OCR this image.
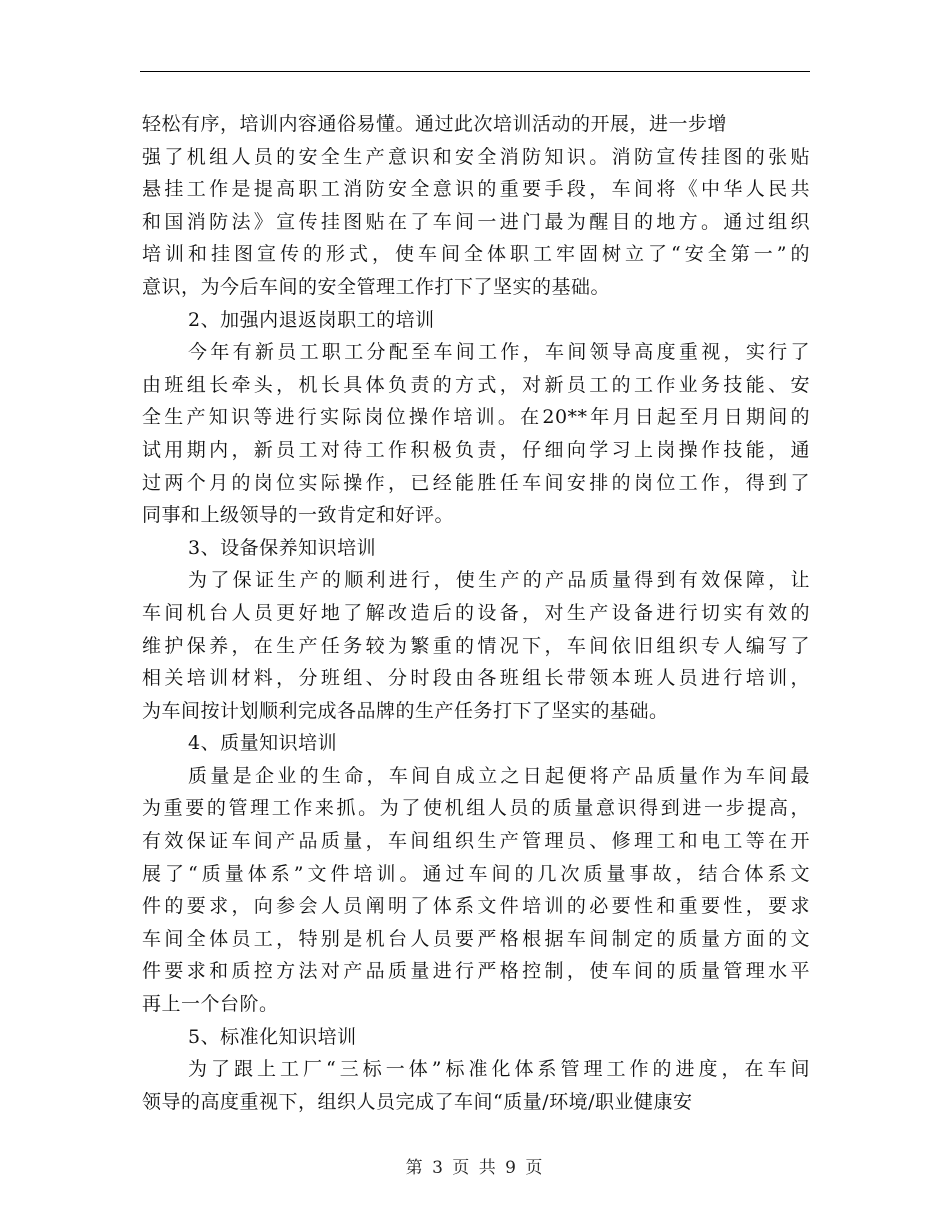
轻松有序，培训内容通俗易懂。通过此次培训活动的开展，进一步增
强了机组人员的安全生产意识和安全消防知识。消防宣传挂图的张贴
悬挂工作是提高职工消防安全意识的重要手段，车间将《中华人民共
和国消防法》宣传挂图贴在了车间一进门最为醒目的地方。通过组织
培训和挂图宣传的形式，使车间全体职工牢固树立了“安全第一”的
意识，为今后车间的安全管理工作打下了坚实的基础。
2、加强内退返岗职工的培训
今年有新员工职工分配至车间工作，车间领导高度重视，实行了
由班组长牵头，机长具体负责的方式，对新员工的工作业务技能、安
全生产知识等进行实际岗位操作培训。在20**年月日起至月日期间的
试用期内，新员工对待工作积极负责，仔细向学习上岗操作技能，通
过两个月的岗位实际操作，已经能胜任车间安排的岗位工作，得到了
同事和上级领导的一致肯定和好评。
3、设备保养知识培训
为了保证生产的顺利进行，使生产的产品质量得到有效保障，让
车间机台人员更好地了解改造后的设备，对生产设备进行切实有效的
维护保养，在生产任务较为繁重的情况下，车间依旧组织专人编写了
相关培训材料，分班组、分时段由各班组长带领本班人员进行培训，
为车间按计划顺利完成各品牌的生产任务打下了坚实的基础。
4、质量知识培训
质量是企业的生命，车间自成立之日起便将产品质量作为车间最
为重要的管理工作来抓。为了使机组人员的质量意识得到进一步提高，
有效保证车间产品质量，车间组织生产管理员、修理工和电工等在开
展了“质量体系”文件培训。通过车间的几次质量事故，结合体系文
件的要求，向参会人员阐明了体系文件培训的必要性和重要性，要求
车间全体员工，特别是机台人员要严格根据车间制定的质量方面的文
件要求和质控方法对产品质量进行严格控制，使车间的质量管理水平
再上一个台阶。
5、标准化知识培训
为了跟上工厂“三标一体”标准化体系管理工作的进度，在车间
领导的高度重视下，组织人员完成了车间“质量/环境/职业健康安
第 3 页 共 9 页
